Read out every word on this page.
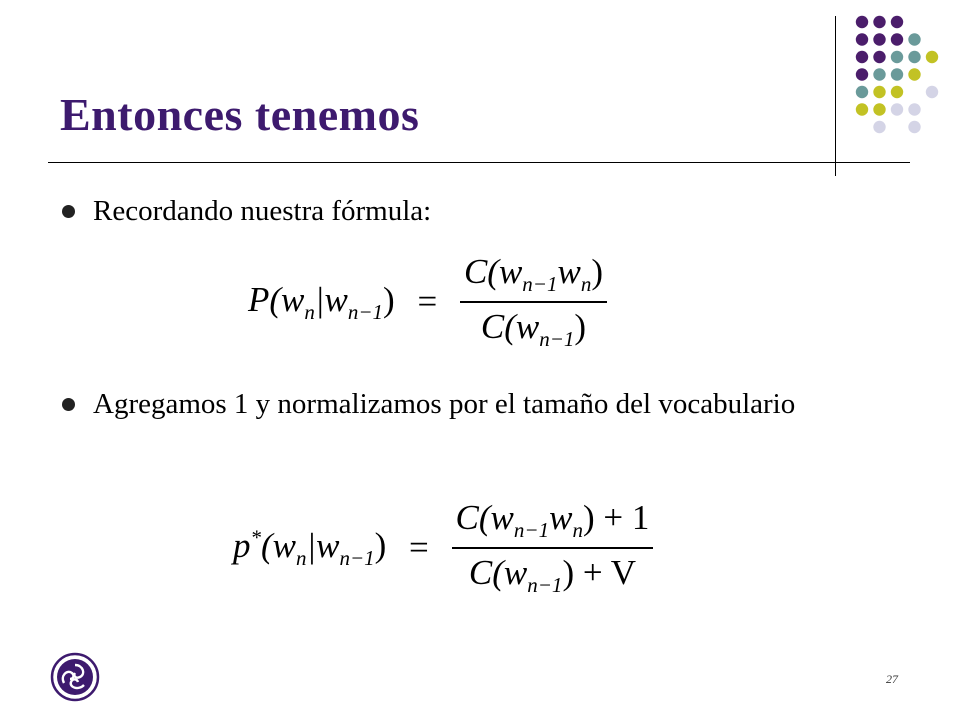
Entonces tenemos
Recordando nuestra fórmula:
$P(w_n|w_{n-1}) = \frac{C(w_{n-1}w_n)}{C(w_{n-1})}$
Agregamos 1 y normalizamos por el tamaño del vocabulario
$p^*(w_n|w_{n-1}) = \frac{C(w_{n-1}w_n) + 1}{C(w_{n-1}) + V}$
27
